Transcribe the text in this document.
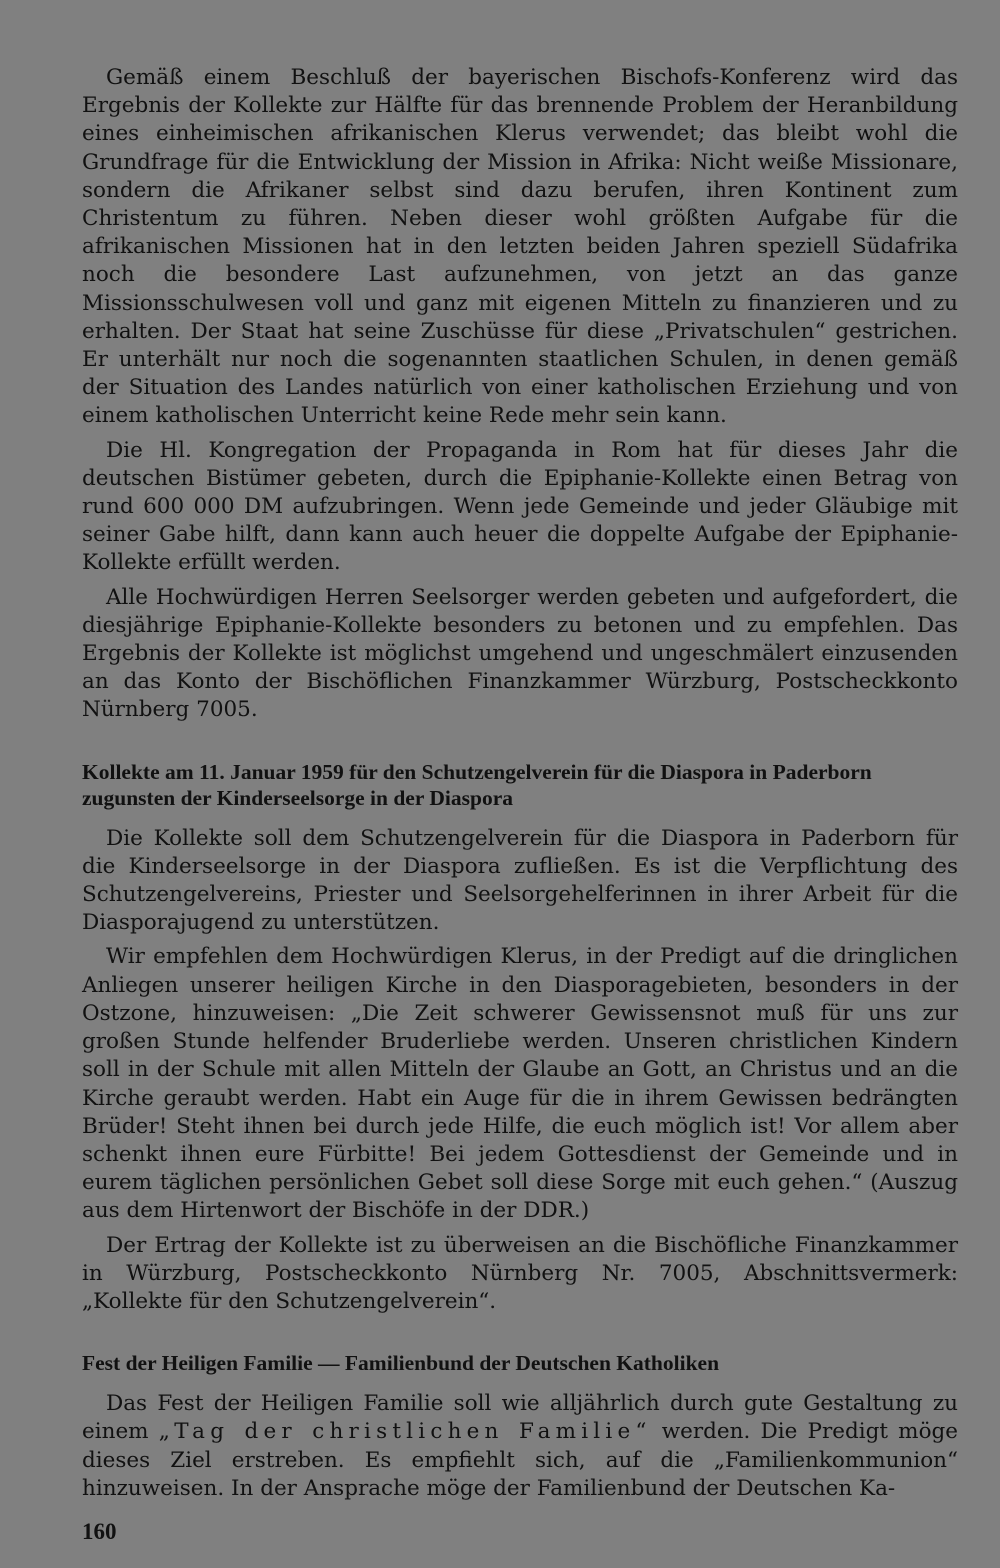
Gemäß einem Beschluß der bayerischen Bischofs-Konferenz wird das Ergebnis der Kollekte zur Hälfte für das brennende Problem der Heranbildung eines einheimischen afrikanischen Klerus verwendet; das bleibt wohl die Grundfrage für die Entwicklung der Mission in Afrika: Nicht weiße Missionare, sondern die Afrikaner selbst sind dazu berufen, ihren Kontinent zum Christentum zu führen. Neben dieser wohl größten Aufgabe für die afrikanischen Missionen hat in den letzten beiden Jahren speziell Südafrika noch die besondere Last aufzunehmen, von jetzt an das ganze Missionsschulwesen voll und ganz mit eigenen Mitteln zu finanzieren und zu erhalten. Der Staat hat seine Zuschüsse für diese „Privatschulen“ gestrichen. Er unterhält nur noch die sogenannten staatlichen Schulen, in denen gemäß der Situation des Landes natürlich von einer katholischen Erziehung und von einem katholischen Unterricht keine Rede mehr sein kann.

Die Hl. Kongregation der Propaganda in Rom hat für dieses Jahr die deutschen Bistümer gebeten, durch die Epiphanie-Kollekte einen Betrag von rund 600 000 DM aufzubringen. Wenn jede Gemeinde und jeder Gläubige mit seiner Gabe hilft, dann kann auch heuer die doppelte Aufgabe der Epiphanie-Kollekte erfüllt werden.

Alle Hochwürdigen Herren Seelsorger werden gebeten und aufgefordert, die diesjährige Epiphanie-Kollekte besonders zu betonen und zu empfehlen. Das Ergebnis der Kollekte ist möglichst umgehend und ungeschmälert einzusenden an das Konto der Bischöflichen Finanzkammer Würzburg, Postscheckkonto Nürnberg 7005.

Kollekte am 11. Januar 1959 für den Schutzengelverein für die Diaspora in Paderborn zugunsten der Kinderseelsorge in der Diaspora

Die Kollekte soll dem Schutzengelverein für die Diaspora in Paderborn für die Kinderseelsorge in der Diaspora zufließen. Es ist die Verpflichtung des Schutzengelvereins, Priester und Seelsorgehelferinnen in ihrer Arbeit für die Diasporajugend zu unterstützen.

Wir empfehlen dem Hochwürdigen Klerus, in der Predigt auf die dringlichen Anliegen unserer heiligen Kirche in den Diasporagebieten, besonders in der Ostzone, hinzuweisen: „Die Zeit schwerer Gewissensnot muß für uns zur großen Stunde helfender Bruderliebe werden. Unseren christlichen Kindern soll in der Schule mit allen Mitteln der Glaube an Gott, an Christus und an die Kirche geraubt werden. Habt ein Auge für die in ihrem Gewissen bedrängten Brüder! Steht ihnen bei durch jede Hilfe, die euch möglich ist! Vor allem aber schenkt ihnen eure Fürbitte! Bei jedem Gottesdienst der Gemeinde und in eurem täglichen persönlichen Gebet soll diese Sorge mit euch gehen.“ (Auszug aus dem Hirtenwort der Bischöfe in der DDR.)

Der Ertrag der Kollekte ist zu überweisen an die Bischöfliche Finanzkammer in Würzburg, Postscheckkonto Nürnberg Nr. 7005, Abschnittsvermerk: „Kollekte für den Schutzengelverein“.

Fest der Heiligen Familie — Familienbund der Deutschen Katholiken

Das Fest der Heiligen Familie soll wie alljährlich durch gute Gestaltung zu einem „Tag der christlichen Familie“ werden. Die Predigt möge dieses Ziel erstreben. Es empfiehlt sich, auf die „Familienkommunion“ hinzuweisen. In der Ansprache möge der Familienbund der Deutschen Ka-

160
